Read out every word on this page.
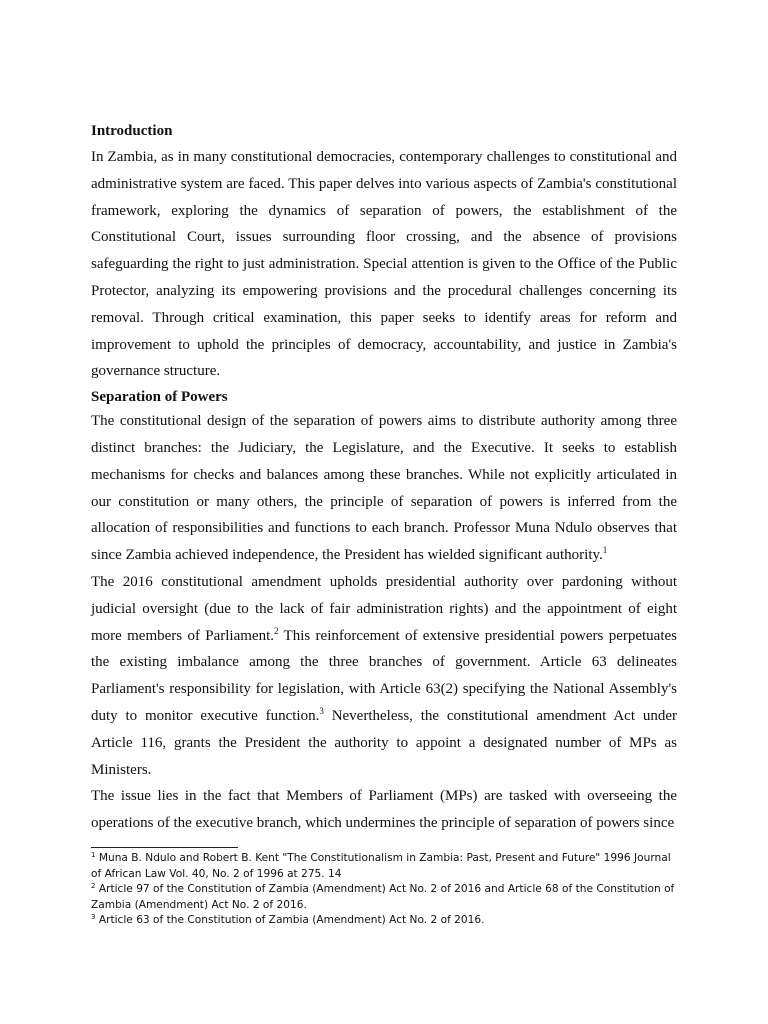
Introduction

In Zambia, as in many constitutional democracies, contemporary challenges to constitutional and administrative system are faced. This paper delves into various aspects of Zambia's constitutional framework, exploring the dynamics of separation of powers, the establishment of the Constitutional Court, issues surrounding floor crossing, and the absence of provisions safeguarding the right to just administration. Special attention is given to the Office of the Public Protector, analyzing its empowering provisions and the procedural challenges concerning its removal. Through critical examination, this paper seeks to identify areas for reform and improvement to uphold the principles of democracy, accountability, and justice in Zambia's governance structure.

Separation of Powers

The constitutional design of the separation of powers aims to distribute authority among three distinct branches: the Judiciary, the Legislature, and the Executive. It seeks to establish mechanisms for checks and balances among these branches. While not explicitly articulated in our constitution or many others, the principle of separation of powers is inferred from the allocation of responsibilities and functions to each branch. Professor Muna Ndulo observes that since Zambia achieved independence, the President has wielded significant authority.$^1$

The 2016 constitutional amendment upholds presidential authority over pardoning without judicial oversight (due to the lack of fair administration rights) and the appointment of eight more members of Parliament.$^2$ This reinforcement of extensive presidential powers perpetuates the existing imbalance among the three branches of government. Article 63 delineates Parliament's responsibility for legislation, with Article 63(2) specifying the National Assembly's duty to monitor executive function.$^3$ Nevertheless, the constitutional amendment Act under Article 116, grants the President the authority to appoint a designated number of MPs as Ministers.

The issue lies in the fact that Members of Parliament (MPs) are tasked with overseeing the operations of the executive branch, which undermines the principle of separation of powers since

$^1$ Muna B. Ndulo and Robert B. Kent "The Constitutionalism in Zambia: Past, Present and Future" 1996 Journal of African Law Vol. 40, No. 2 of 1996 at 275. 14

$^2$ Article 97 of the Constitution of Zambia (Amendment) Act No. 2 of 2016 and Article 68 of the Constitution of Zambia (Amendment) Act No. 2 of 2016.

$^3$ Article 63 of the Constitution of Zambia (Amendment) Act No. 2 of 2016.
